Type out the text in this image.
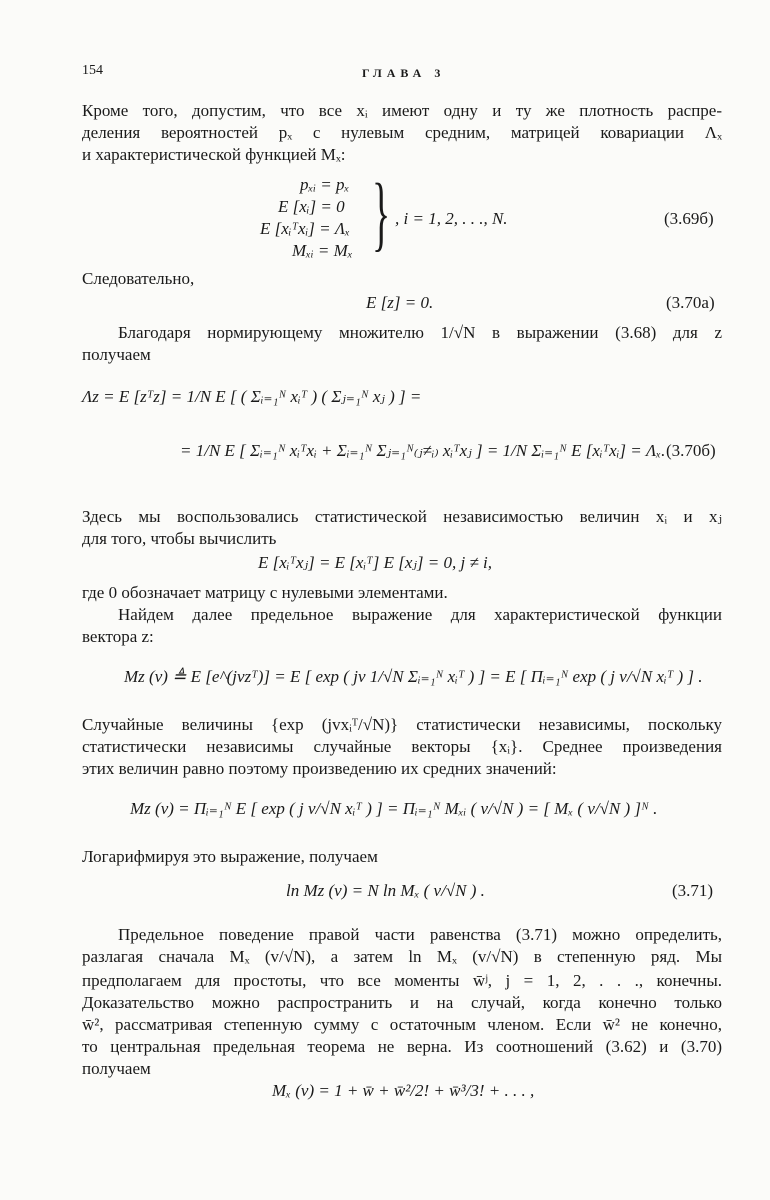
154	ГЛАВА 3
Кроме того, допустим, что все xᵢ имеют одну и ту же плотность распре-
деления вероятностей pₓ с нулевым средним, матрицей ковариации Λₓ
и характеристической функцией Mₓ:
pₓᵢ = pₓ
E [xᵢ] = 0
E [xᵢᵀxᵢ] = Λₓ
Mₓᵢ = Mₓ } , i = 1, 2, . . ., N.	(3.69б)
Следовательно,
E [z] = 0.	(3.70а)
Благодаря нормирующему множителю 1/√N в выражении (3.68) для z
получаем
Λz = E [zᵀz] = 1/N E [ ( Σᵢ₌₁ᴺ xᵢᵀ ) ( Σⱼ₌₁ᴺ xⱼ ) ] =
= 1/N E [ Σᵢ₌₁ᴺ xᵢᵀxᵢ + Σᵢ₌₁ᴺ Σⱼ₌₁ᴺ₍ⱼ≠ᵢ₎ xᵢᵀxⱼ ] = 1/N Σᵢ₌₁ᴺ E [xᵢᵀxᵢ] = Λₓ. (3.70б)
Здесь мы воспользовались статистической независимостью величин xᵢ и xⱼ
для того, чтобы вычислить
E [xᵢᵀxⱼ] = E [xᵢᵀ] E [xⱼ] = 0, j ≠ i,
где 0 обозначает матрицу с нулевыми элементами.
Найдем далее предельное выражение для характеристической функции
вектора z:
Mz (v) ≜ E [e^(jvzᵀ)] = E [ exp ( jv 1/√N Σᵢ₌₁ᴺ xᵢᵀ ) ] = E [ Πᵢ₌₁ᴺ exp ( j v/√N xᵢᵀ ) ] .
Случайные величины {exp (jvxᵢᵀ/√N)} статистически независимы, поскольку
статистически независимы случайные векторы {xᵢ}. Среднее произведения
этих величин равно поэтому произведению их средних значений:
Mz (v) = Πᵢ₌₁ᴺ E [ exp ( j v/√N xᵢᵀ ) ] = Πᵢ₌₁ᴺ Mₓᵢ ( v/√N ) = [ Mₓ ( v/√N ) ]ᴺ .
Логарифмируя это выражение, получаем
ln Mz (v) = N ln Mₓ ( v/√N ) .	(3.71)
Предельное поведение правой части равенства (3.71) можно определить,
разлагая сначала Mₓ (v/√N), а затем ln Mₓ (v/√N) в степенную ряд. Мы
предполагаем для простоты, что все моменты w̄ʲ, j = 1, 2, . . ., конечны.
Доказательство можно распространить и на случай, когда конечно только
w̄², рассматривая степенную сумму с остаточным членом. Если w̄² не конечно,
то центральная предельная теорема не верна. Из соотношений (3.62) и (3.70)
получаем
Mₓ (v) = 1 + w̄ + w̄²/2! + w̄³/3! + . . . ,
